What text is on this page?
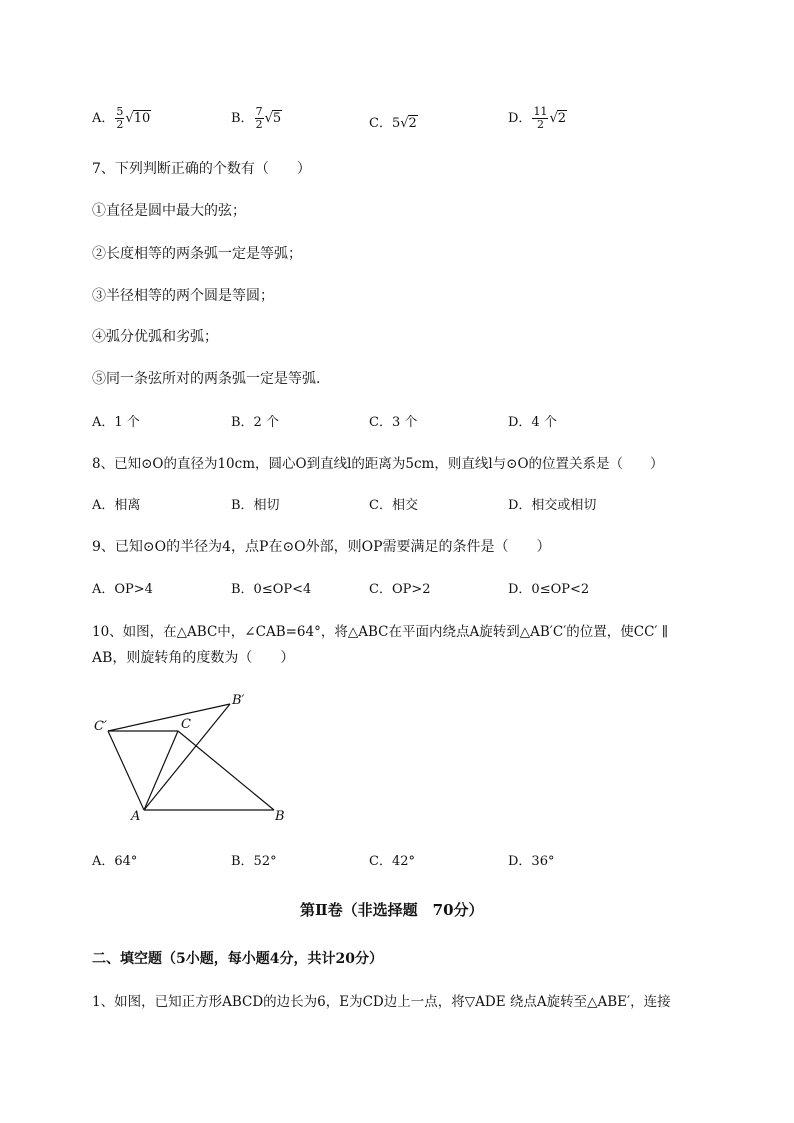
A． $\frac{5}{2} √10$	B． $\frac{7}{2} √5$	C．5√2	D． $\frac{11}{2} √2$
7、下列判断正确的个数有（　　）
①直径是圆中最大的弦；
②长度相等的两条弧一定是等弧；
③半径相等的两个圆是等圆；
④弧分优弧和劣弧；
⑤同一条弦所对的两条弧一定是等弧．
A．1 个	B．2 个	C．3 个	D．4 个
8、已知⊙O的直径为10cm，圆心O到直线l的距离为5cm，则直线l与⊙O的位置关系是（　　）
A．相离	B．相切	C．相交	D．相交或相切
9、已知⊙O的半径为4，点P在⊙O外部，则OP需要满足的条件是（　　）
A．OP>4	B．0≤OP<4	C．OP>2	D．0≤OP<2
10、如图，在△ABC中，∠CAB=64°，将△ABC在平面内绕点A旋转到△AB′C′的位置，使CC′ ∥
AB，则旋转角的度数为（　　）
B′
C′	C
A	B
A．64°	B．52°	C．42°	D．36°
第Ⅱ卷（非选择题　70分）
二、填空题（5小题，每小题4分，共计20分）
1、如图，已知正方形ABCD的边长为6，E为CD边上一点，将▽ADE 绕点A旋转至△ABE′，连接
